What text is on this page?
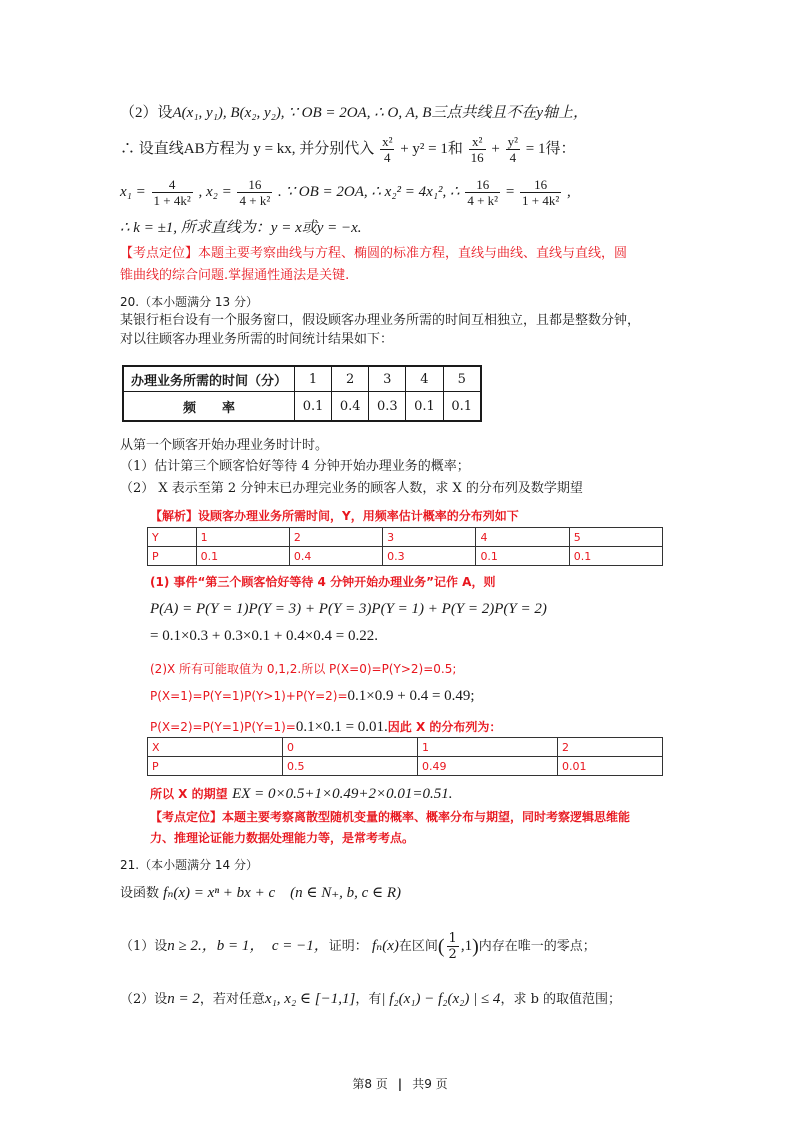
（2）设A(x₁, y₁), B(x₂, y₂), ∵ OB = 2OA, ∴ O, A, B三点共线且不在y轴上，
∴ 设直线AB方程为 y = kx, 并分别代入 $\frac{\text{x²}}{4} + y^2 = 1$和 $\frac{\text{x²}}{16} + \frac{\text{y²}}{4} = 1$得：
$x_1 = \frac{4}{\text{1 + 4k²}}$ , $x_2 = \frac{16}{\text{4 + k²}}$ . ∵ OB = 2OA, ∴ x₂² = 4x₁², ∴ $\frac{16}{\text{4 + k²}} = \frac{16}{\text{1 + 4k²}}$ ,
∴ k = ±1, 所求直线为：y = x或y = −x.
【考点定位】本题主要考察曲线与方程、椭圆的标准方程，直线与曲线、直线与直线，圆
锥曲线的综合问题.掌握通性通法是关键.
20.（本小题满分 13 分）
某银行柜台设有一个服务窗口，假设顾客办理业务所需的时间互相独立，且都是整数分钟，
对以往顾客办理业务所需的时间统计结果如下：
办理业务所需的时间（分）	1	2	3	4	5
频　　率	0.1	0.4	0.3	0.1	0.1
从第一个顾客开始办理业务时计时。
（1）估计第三个顾客恰好等待 4 分钟开始办理业务的概率；
（2） X 表示至第 2 分钟末已办理完业务的顾客人数，求 X 的分布列及数学期望
【解析】设顾客办理业务所需时间，Y，用频率估计概率的分布列如下
Y	1	2	3	4	5
P	0.1	0.4	0.3	0.1	0.1
(1) 事件“第三个顾客恰好等待 4 分钟开始办理业务”记作 A，则
P(A) = P(Y = 1)P(Y = 3) + P(Y = 3)P(Y = 1) + P(Y = 2)P(Y = 2)
= 0.1×0.3 + 0.3×0.1 + 0.4×0.4 = 0.22.
(2)X 所有可能取值为 0,1,2.所以 P(X=0)=P(Y>2)=0.5;
P(X=1)=P(Y=1)P(Y>1)+P(Y=2)=0.1×0.9 + 0.4 = 0.49;
P(X=2)=P(Y=1)P(Y=1)=0.1×0.1 = 0.01.因此 X 的分布列为：
X	0	1	2
P	0.5	0.49	0.01
所以 X 的期望 EX = 0×0.5+1×0.49+2×0.01=0.51.
【考点定位】本题主要考察离散型随机变量的概率、概率分布与期望，同时考察逻辑思维能
力、推理论证能力数据处理能力等，是常考考点。
21.（本小题满分 14 分）
设函数 fₙ(x) = xⁿ + bx + c　(n ∈ N₊, b, c ∈ R)
（1）设n ≥ 2.，b = 1，　c = −1，证明： fₙ(x)在区间( $\frac{1}{2} ,1$)内存在唯一的零点；
（2）设n = 2，若对任意x₁, x₂ ∈ [−1,1]，有| f₂(x₁) − f₂(x₂) | ≤ 4，求 b 的取值范围；
第8 页 | 共9 页
